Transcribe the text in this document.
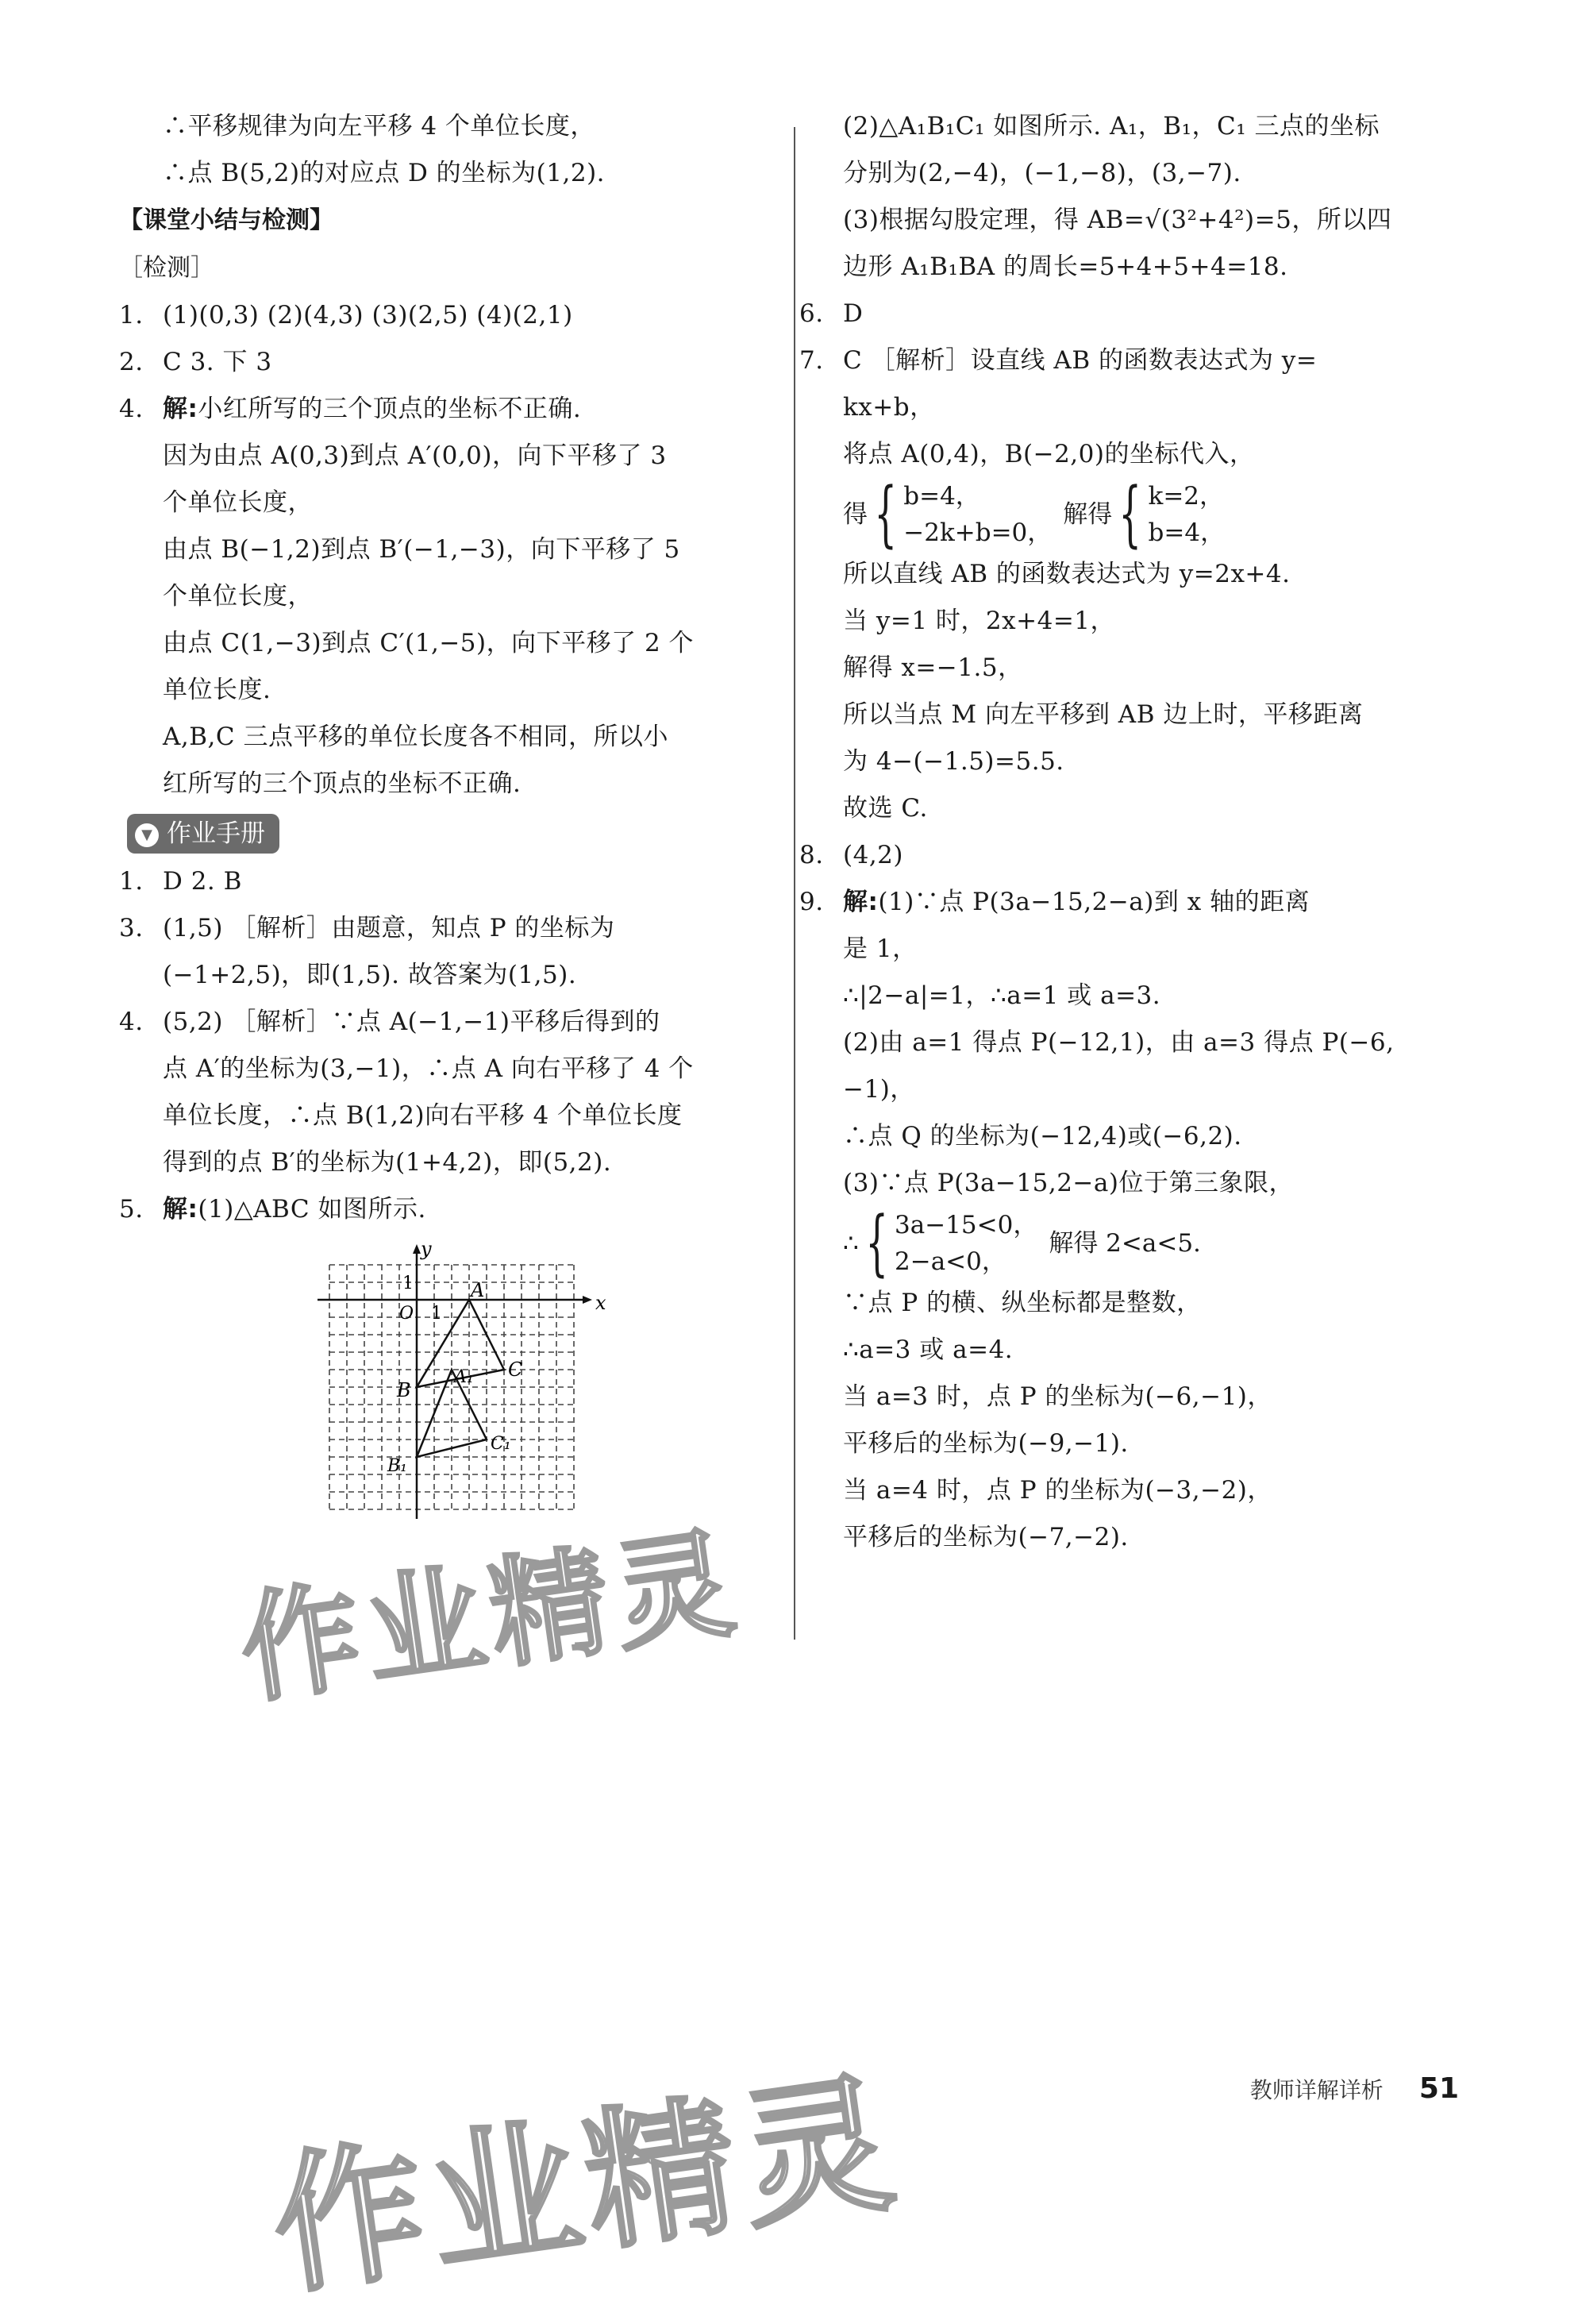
∴平移规律为向左平移 4 个单位长度，
∴点 B(5,2)的对应点 D 的坐标为(1,2).
【课堂小结与检测】
［检测］
1. (1)(0,3) (2)(4,3) (3)(2,5) (4)(2,1)
2. C 3. 下 3
4. 解:小红所写的三个顶点的坐标不正确.
因为由点 A(0,3)到点 A′(0,0)，向下平移了 3
个单位长度，
由点 B(−1,2)到点 B′(−1,−3)，向下平移了 5
个单位长度，
由点 C(1,−3)到点 C′(1,−5)，向下平移了 2 个
单位长度.
A,B,C 三点平移的单位长度各不相同，所以小
红所写的三个顶点的坐标不正确.
▼ 作业手册
1. D 2. B
3. (1,5) ［解析］由题意，知点 P 的坐标为
(−1+2,5)，即(1,5). 故答案为(1,5).
4. (5,2) ［解析］∵点 A(−1,−1)平移后得到的
点 A′的坐标为(3,−1)，∴点 A 向右平移了 4 个
单位长度，∴点 B(1,2)向右平移 4 个单位长度
得到的点 B′的坐标为(1+4,2)，即(5,2).
5. 解:(1)△ABC 如图所示.
y
x
O 1
1	A
B
C
A₁
B₁
C₁
(2)△A₁B₁C₁ 如图所示. A₁，B₁，C₁ 三点的坐标
分别为(2,−4)，(−1,−8)，(3,−7).
(3)根据勾股定理，得 AB=√(3²+4²)=5，所以四
边形 A₁B₁BA 的周长=5+4+5+4=18.
6. D
7. C ［解析］设直线 AB 的函数表达式为 y=
kx+b，
将点 A(0,4)，B(−2,0)的坐标代入，
得 { b=4，
−2k+b=0，
解得 { k=2，
b=4，
所以直线 AB 的函数表达式为 y=2x+4.
当 y=1 时，2x+4=1，
解得 x=−1.5，
所以当点 M 向左平移到 AB 边上时，平移距离
为 4−(−1.5)=5.5.
故选 C.
8. (4,2)
9. 解:(1)∵点 P(3a−15,2−a)到 x 轴的距离
是 1，
∴|2−a|=1，∴a=1 或 a=3.
(2)由 a=1 得点 P(−12,1)，由 a=3 得点 P(−6,
−1)，
∴点 Q 的坐标为(−12,4)或(−6,2).
(3)∵点 P(3a−15,2−a)位于第三象限，
∴ { 3a−15<0，
2−a<0，
解得 2<a<5.
∵点 P 的横、纵坐标都是整数，
∴a=3 或 a=4.
当 a=3 时，点 P 的坐标为(−6,−1)，
平移后的坐标为(−9,−1).
当 a=4 时，点 P 的坐标为(−3,−2)，
平移后的坐标为(−7,−2).
作业精灵
作业精灵	教师详解详析 51
